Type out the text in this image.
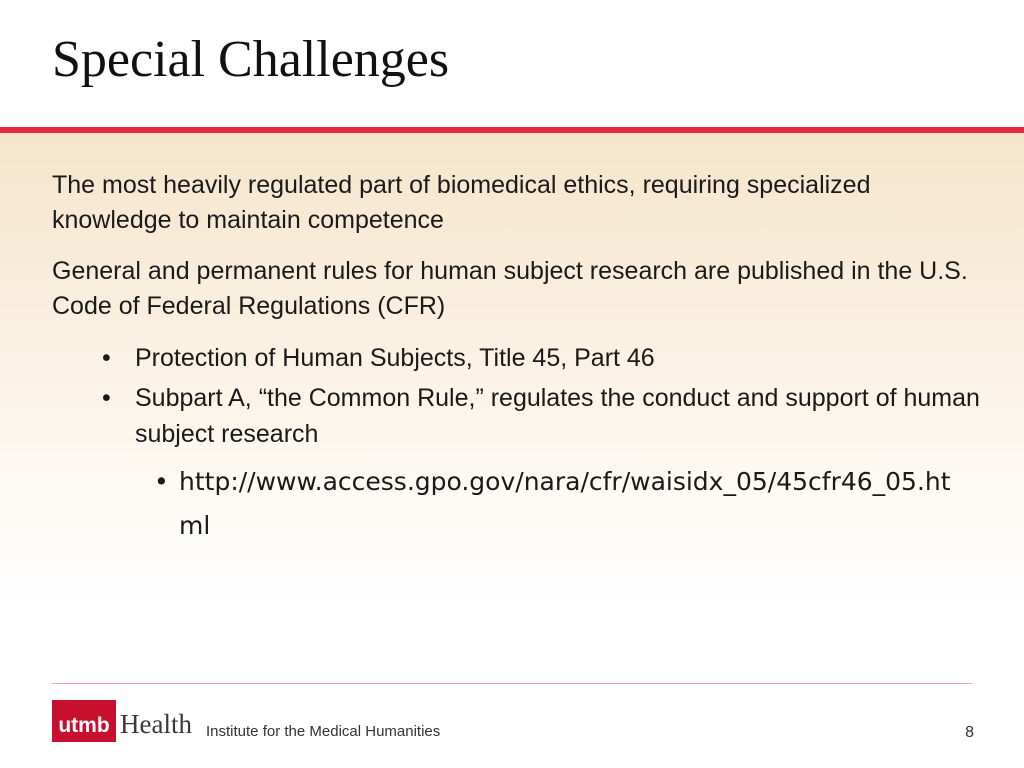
Special Challenges

The most heavily regulated part of biomedical ethics, requiring specialized knowledge to maintain competence

General and permanent rules for human subject research are published in the U.S. Code of Federal Regulations (CFR)

• Protection of Human Subjects, Title 45, Part 46
• Subpart A, “the Common Rule,” regulates the conduct and support of human subject research
• http://www.access.gpo.gov/nara/cfr/waisidx_05/45cfr46_05.html
utmb Health Institute for the Medical Humanities	8
